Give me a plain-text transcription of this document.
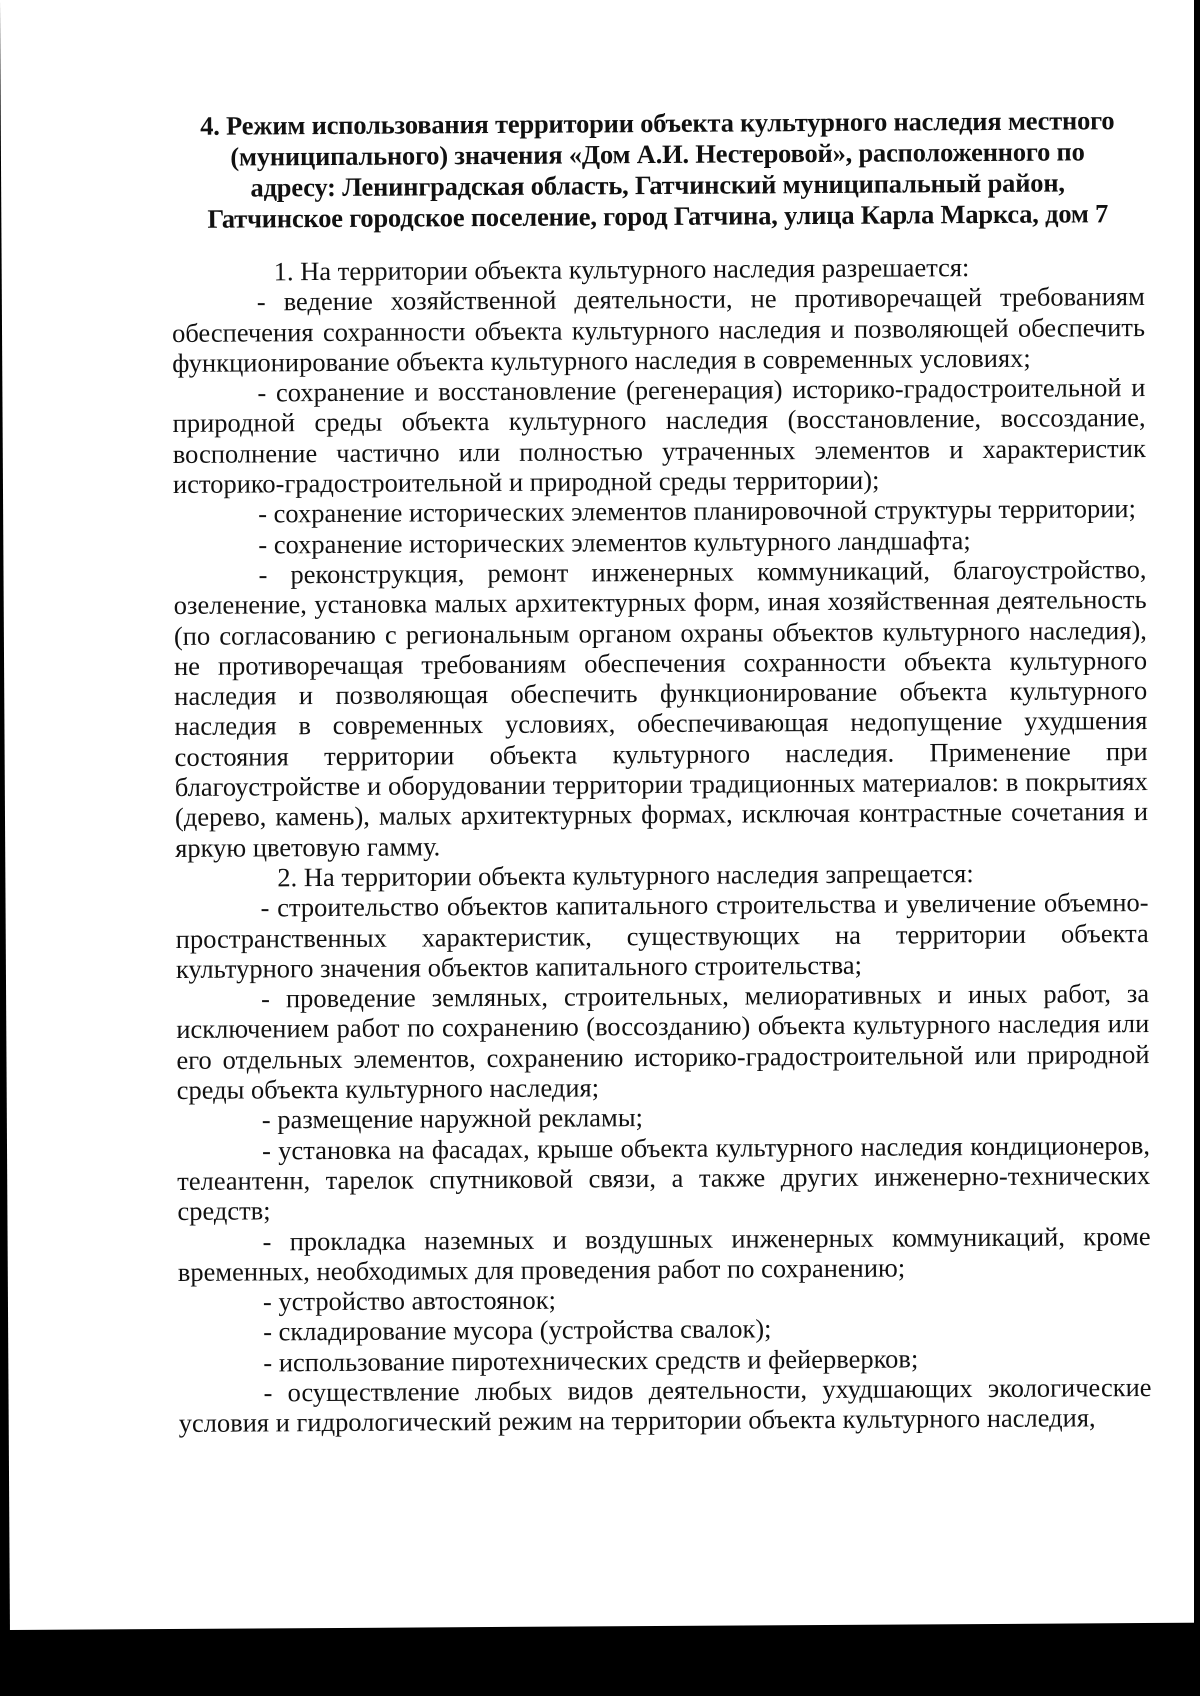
4. Режим использования территории объекта культурного наследия местного
(муниципального) значения «Дом А.И. Нестеровой», расположенного по
адресу: Ленинградская область, Гатчинский муниципальный район,
Гатчинское городское поселение, город Гатчина, улица Карла Маркса, дом 7

1. На территории объекта культурного наследия разрешается:

- ведение хозяйственной деятельности, не противоречащей требованиям обеспечения сохранности объекта культурного наследия и позволяющей обеспечить функционирование объекта культурного наследия в современных условиях;

- сохранение и восстановление (регенерация) историко-градостроительной и природной среды объекта культурного наследия (восстановление, воссоздание, восполнение частично или полностью утраченных элементов и характеристик историко-градостроительной и природной среды территории);

- сохранение исторических элементов планировочной структуры территории;

- сохранение исторических элементов культурного ландшафта;

- реконструкция, ремонт инженерных коммуникаций, благоустройство, озеленение, установка малых архитектурных форм, иная хозяйственная деятельность (по согласованию с региональным органом охраны объектов культурного наследия), не противоречащая требованиям обеспечения сохранности объекта культурного наследия и позволяющая обеспечить функционирование объекта культурного наследия в современных условиях, обеспечивающая недопущение ухудшения состояния территории объекта культурного наследия. Применение при благоустройстве и оборудовании территории традиционных материалов: в покрытиях (дерево, камень), малых архитектурных формах, исключая контрастные сочетания и яркую цветовую гамму.

2. На территории объекта культурного наследия запрещается:

- строительство объектов капитального строительства и увеличение объемно-пространственных характеристик, существующих на территории объекта культурного значения объектов капитального строительства;

- проведение земляных, строительных, мелиоративных и иных работ, за исключением работ по сохранению (воссозданию) объекта культурного наследия или его отдельных элементов, сохранению историко-градостроительной или природной среды объекта культурного наследия;

- размещение наружной рекламы;

- установка на фасадах, крыше объекта культурного наследия кондиционеров, телеантенн, тарелок спутниковой связи, а также других инженерно-технических средств;

- прокладка наземных и воздушных инженерных коммуникаций, кроме временных, необходимых для проведения работ по сохранению;

- устройство автостоянок;

- складирование мусора (устройства свалок);

- использование пиротехнических средств и фейерверков;

- осуществление любых видов деятельности, ухудшающих экологические условия и гидрологический режим на территории объекта культурного наследия,
